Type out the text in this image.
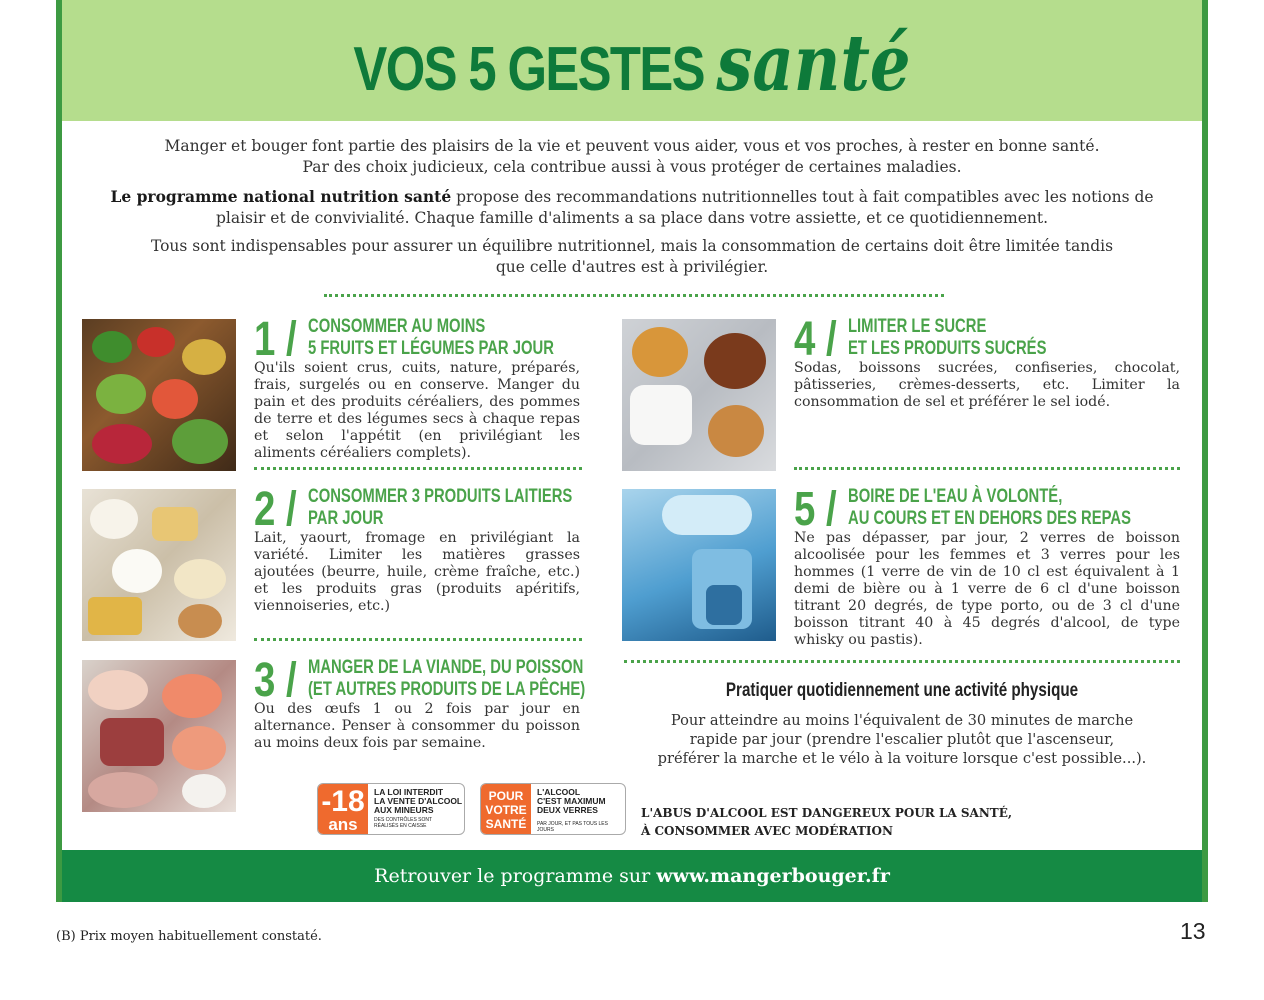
VOS 5 GESTES santé
Manger et bouger font partie des plaisirs de la vie et peuvent vous aider, vous et vos proches, à rester en bonne santé.
Par des choix judicieux, cela contribue aussi à vous protéger de certaines maladies.
Le programme national nutrition santé propose des recommandations nutritionnelles tout à fait compatibles avec les notions de plaisir et de convivialité. Chaque famille d'aliments a sa place dans votre assiette, et ce quotidiennement.
Tous sont indispensables pour assurer un équilibre nutritionnel, mais la consommation de certains doit être limitée tandis que celle d'autres est à privilégier.
1 / CONSOMMER AU MOINS
5 FRUITS ET LÉGUMES PAR JOUR
Qu'ils soient crus, cuits, nature, préparés, frais, surgelés ou en conserve. Manger du pain et des produits céréaliers, des pommes de terre et des légumes secs à chaque repas et selon l'appétit (en privilégiant les aliments céréaliers complets).
2 / CONSOMMER 3 PRODUITS LAITIERS
PAR JOUR
Lait, yaourt, fromage en privilégiant la variété. Limiter les matières grasses ajoutées (beurre, huile, crème fraîche, etc.) et les produits gras (produits apéritifs, viennoiseries, etc.)
3 / MANGER DE LA VIANDE, DU POISSON
(ET AUTRES PRODUITS DE LA PÊCHE)
Ou des œufs 1 ou 2 fois par jour en alternance. Penser à consommer du poisson au moins deux fois par semaine.
4 / LIMITER LE SUCRE
ET LES PRODUITS SUCRÉS
Sodas, boissons sucrées, confiseries, chocolat, pâtisseries, crèmes-desserts, etc. Limiter la consommation de sel et préférer le sel iodé.
5 / BOIRE DE L'EAU À VOLONTÉ,
AU COURS ET EN DEHORS DES REPAS
Ne pas dépasser, par jour, 2 verres de boisson alcoolisée pour les femmes et 3 verres pour les hommes (1 verre de vin de 10 cl est équivalent à 1 demi de bière ou à 1 verre de 6 cl d'une boisson titrant 20 degrés, de type porto, ou de 3 cl d'une boisson titrant 40 à 45 degrés d'alcool, de type whisky ou pastis).
Pratiquer quotidiennement une activité physique
Pour atteindre au moins l'équivalent de 30 minutes de marche
rapide par jour (prendre l'escalier plutôt que l'ascenseur,
préférer la marche et le vélo à la voiture lorsque c'est possible...).
-18
ans
LA LOI INTERDIT
LA VENTE D'ALCOOL
AUX MINEURS
DES CONTRÔLES SONT RÉALISÉS EN CAISSE
POUR
VOTRE
SANTÉ
L'ALCOOL
C'EST MAXIMUM
DEUX VERRES
PAR JOUR, ET PAS TOUS LES JOURS
L'ABUS D'ALCOOL EST DANGEREUX POUR LA SANTÉ,
À CONSOMMER AVEC MODÉRATION
Retrouver le programme sur www.mangerbouger.fr
(B) Prix moyen habituellement constaté.	13
